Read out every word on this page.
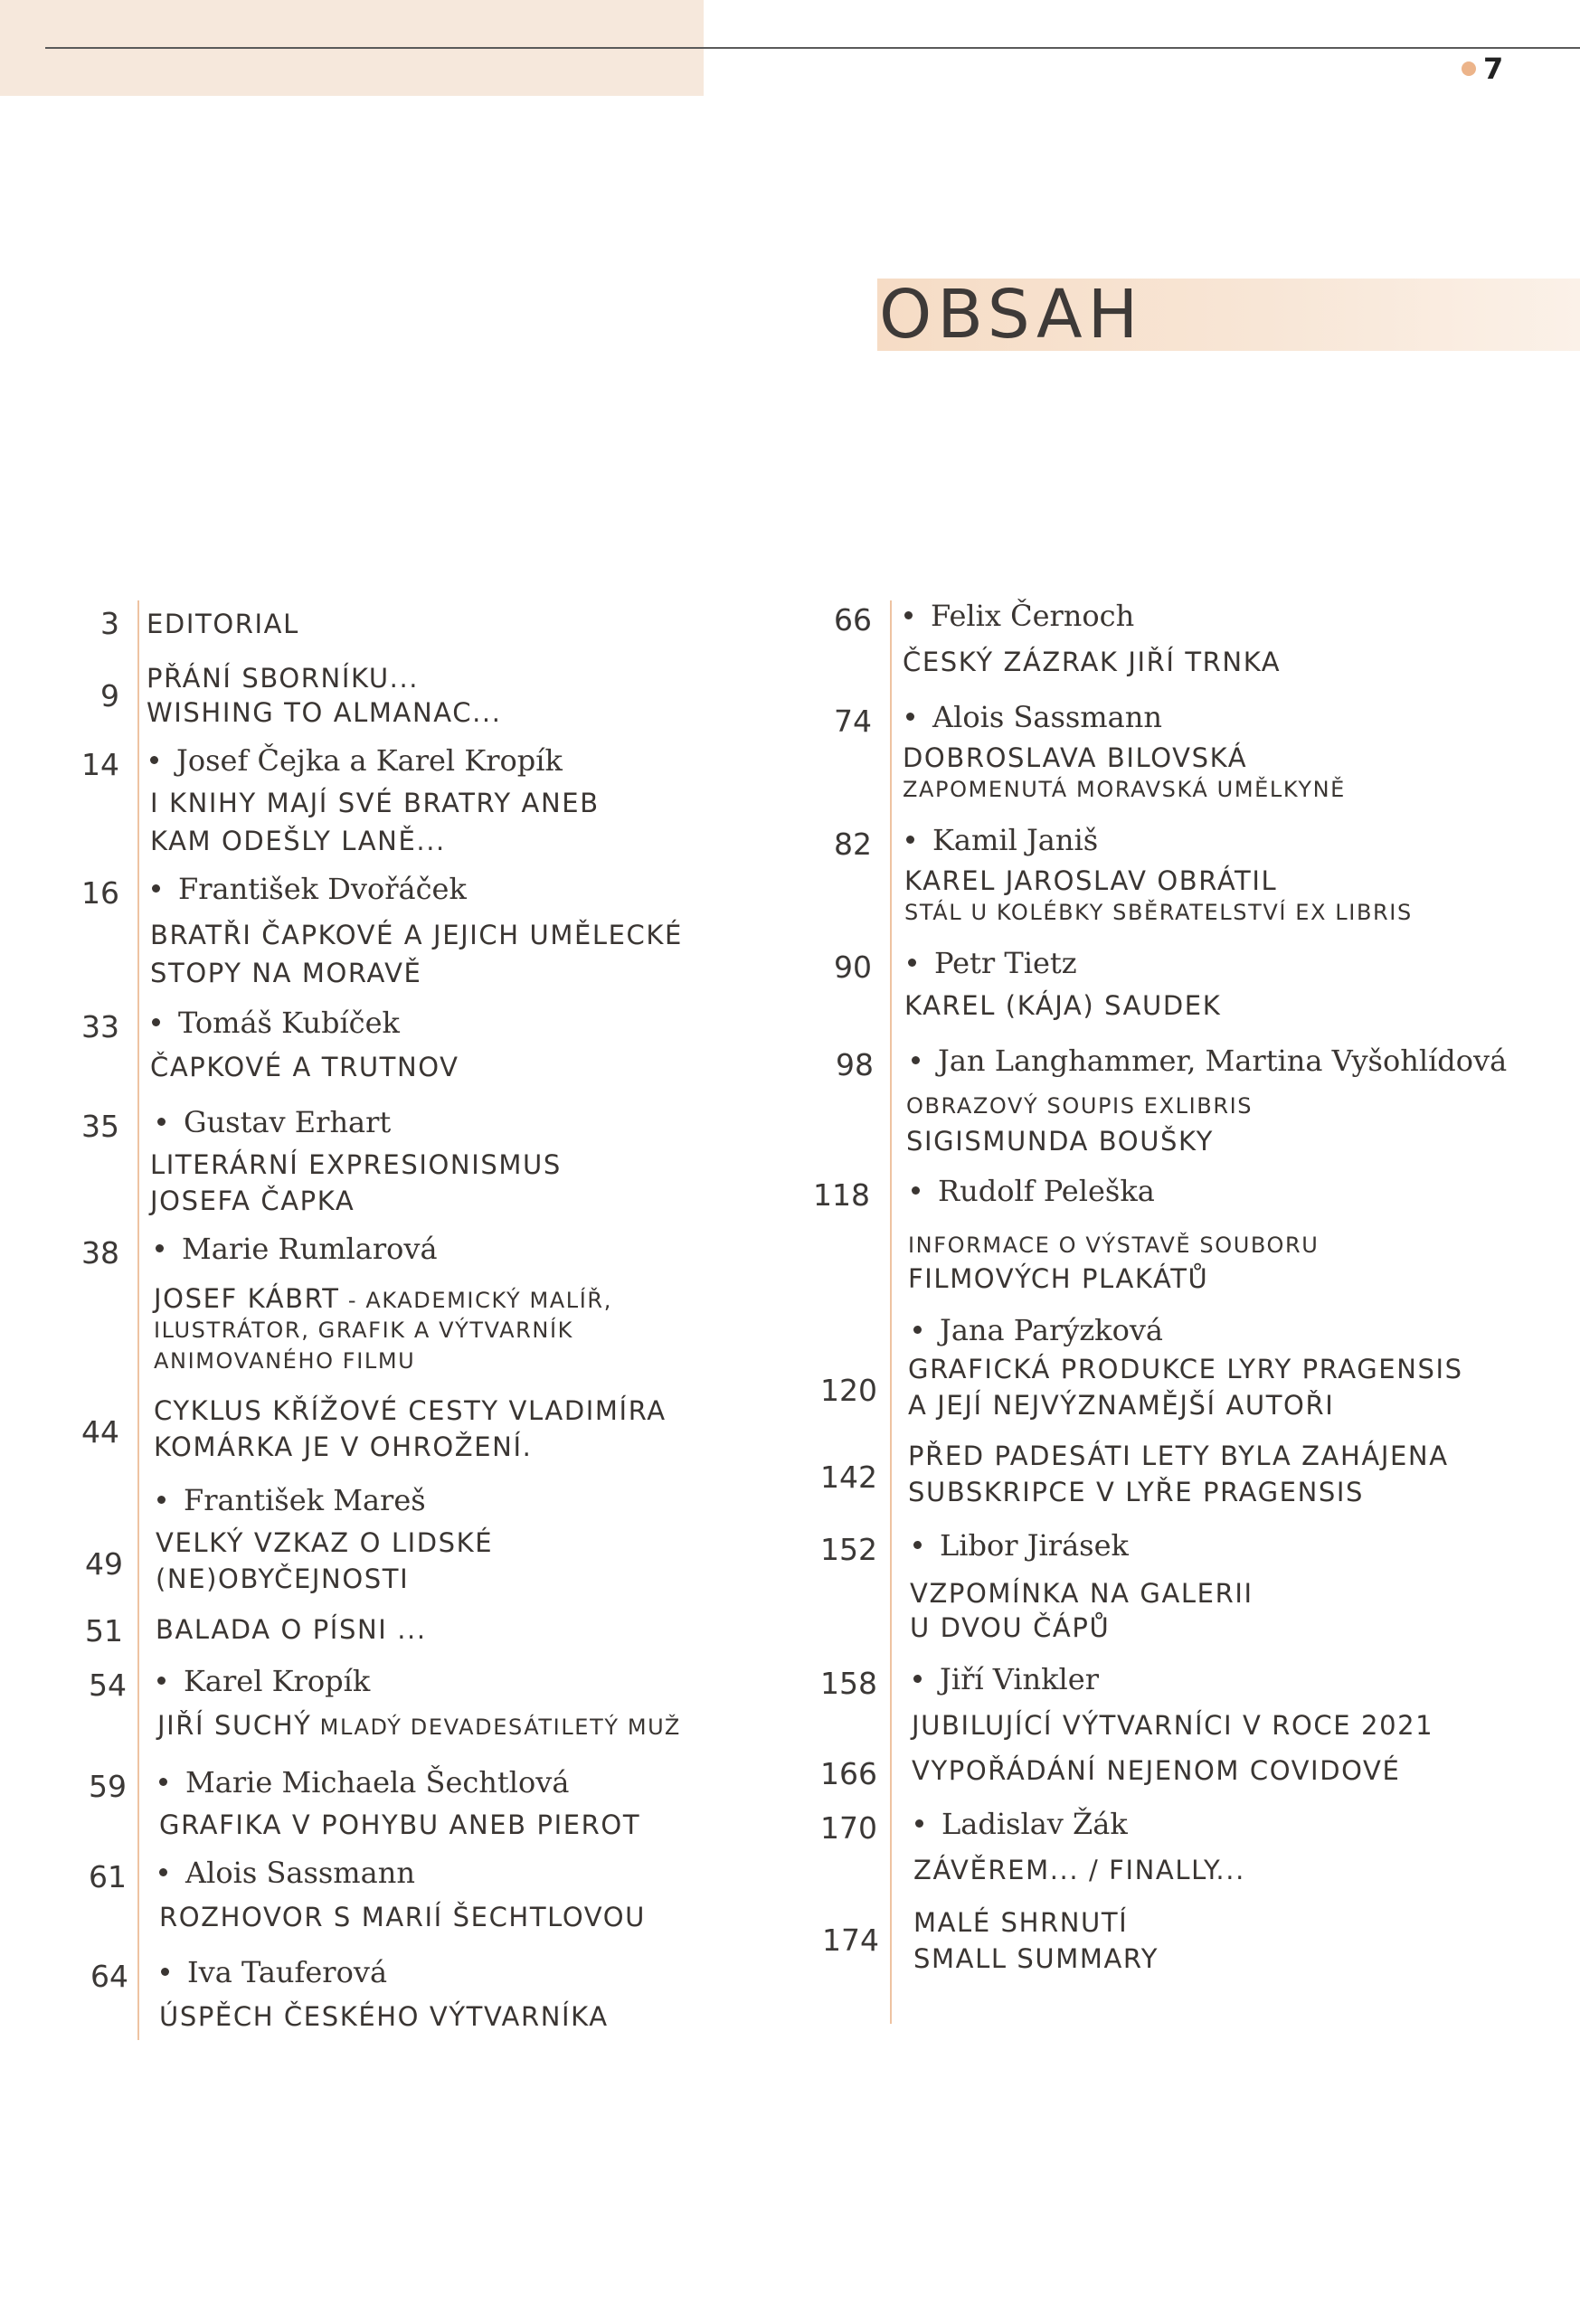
7
OBSAH
3
9
14
16
33
35
38
44
49
51
54
59
61
64
EDITORIAL
PŘÁNÍ SBORNÍKU...
WISHING TO ALMANAC...
Josef Čejka a Karel Kropík
I KNIHY MAJÍ SVÉ BRATRY ANEB
KAM ODEŠLY LANĚ...
František Dvořáček
BRATŘI ČAPKOVÉ A JEJICH UMĚLECKÉ
STOPY NA MORAVĚ
Tomáš Kubíček
ČAPKOVÉ A TRUTNOV
Gustav Erhart
LITERÁRNÍ EXPRESIONISMUS
JOSEFA ČAPKA
Marie Rumlarová
JOSEF KÁBRT - AKADEMICKÝ MALÍŘ,
ILUSTRÁTOR, GRAFIK A VÝTVARNÍK
ANIMOVANÉHO FILMU
CYKLUS KŘÍŽOVÉ CESTY VLADIMÍRA
KOMÁRKA JE V OHROŽENÍ.
František Mareš
VELKÝ VZKAZ O LIDSKÉ
(NE)OBYČEJNOSTI
BALADA O PÍSNI ...
Karel Kropík
JIŘÍ SUCHÝ MLADÝ DEVADESÁTILETÝ MUŽ
Marie Michaela Šechtlová
GRAFIKA V POHYBU ANEB PIEROT
Alois Sassmann
ROZHOVOR S MARIÍ ŠECHTLOVOU
Iva Tauferová
ÚSPĚCH ČESKÉHO VÝTVARNÍKA
66
74
82
90
98
118
120
142
152
158
166
170
174
Felix Černoch
ČESKÝ ZÁZRAK JIŘÍ TRNKA
Alois Sassmann
DOBROSLAVA BILOVSKÁ
ZAPOMENUTÁ MORAVSKÁ UMĚLKYNĚ
Kamil Janiš
KAREL JAROSLAV OBRÁTIL
STÁL U KOLÉBKY SBĚRATELSTVÍ EX LIBRIS
Petr Tietz
KAREL (KÁJA) SAUDEK
Jan Langhammer, Martina Vyšohlídová
OBRAZOVÝ SOUPIS EXLIBRIS
SIGISMUNDA BOUŠKY
Rudolf Peleška
INFORMACE O VÝSTAVĚ SOUBORU
FILMOVÝCH PLAKÁTŮ
Jana Parýzková
GRAFICKÁ PRODUKCE LYRY PRAGENSIS
A JEJÍ NEJVÝZNAMĚJŠÍ AUTOŘI
PŘED PADESÁTI LETY BYLA ZAHÁJENA
SUBSKRIPCE V LYŘE PRAGENSIS
Libor Jirásek
VZPOMÍNKA NA GALERII
U DVOU ČÁPŮ
Jiří Vinkler
JUBILUJÍCÍ VÝTVARNÍCI V ROCE 2021
VYPOŘÁDÁNÍ NEJENOM COVIDOVÉ
Ladislav Žák
ZÁVĚREM... / FINALLY...
MALÉ SHRNUTÍ
SMALL SUMMARY
